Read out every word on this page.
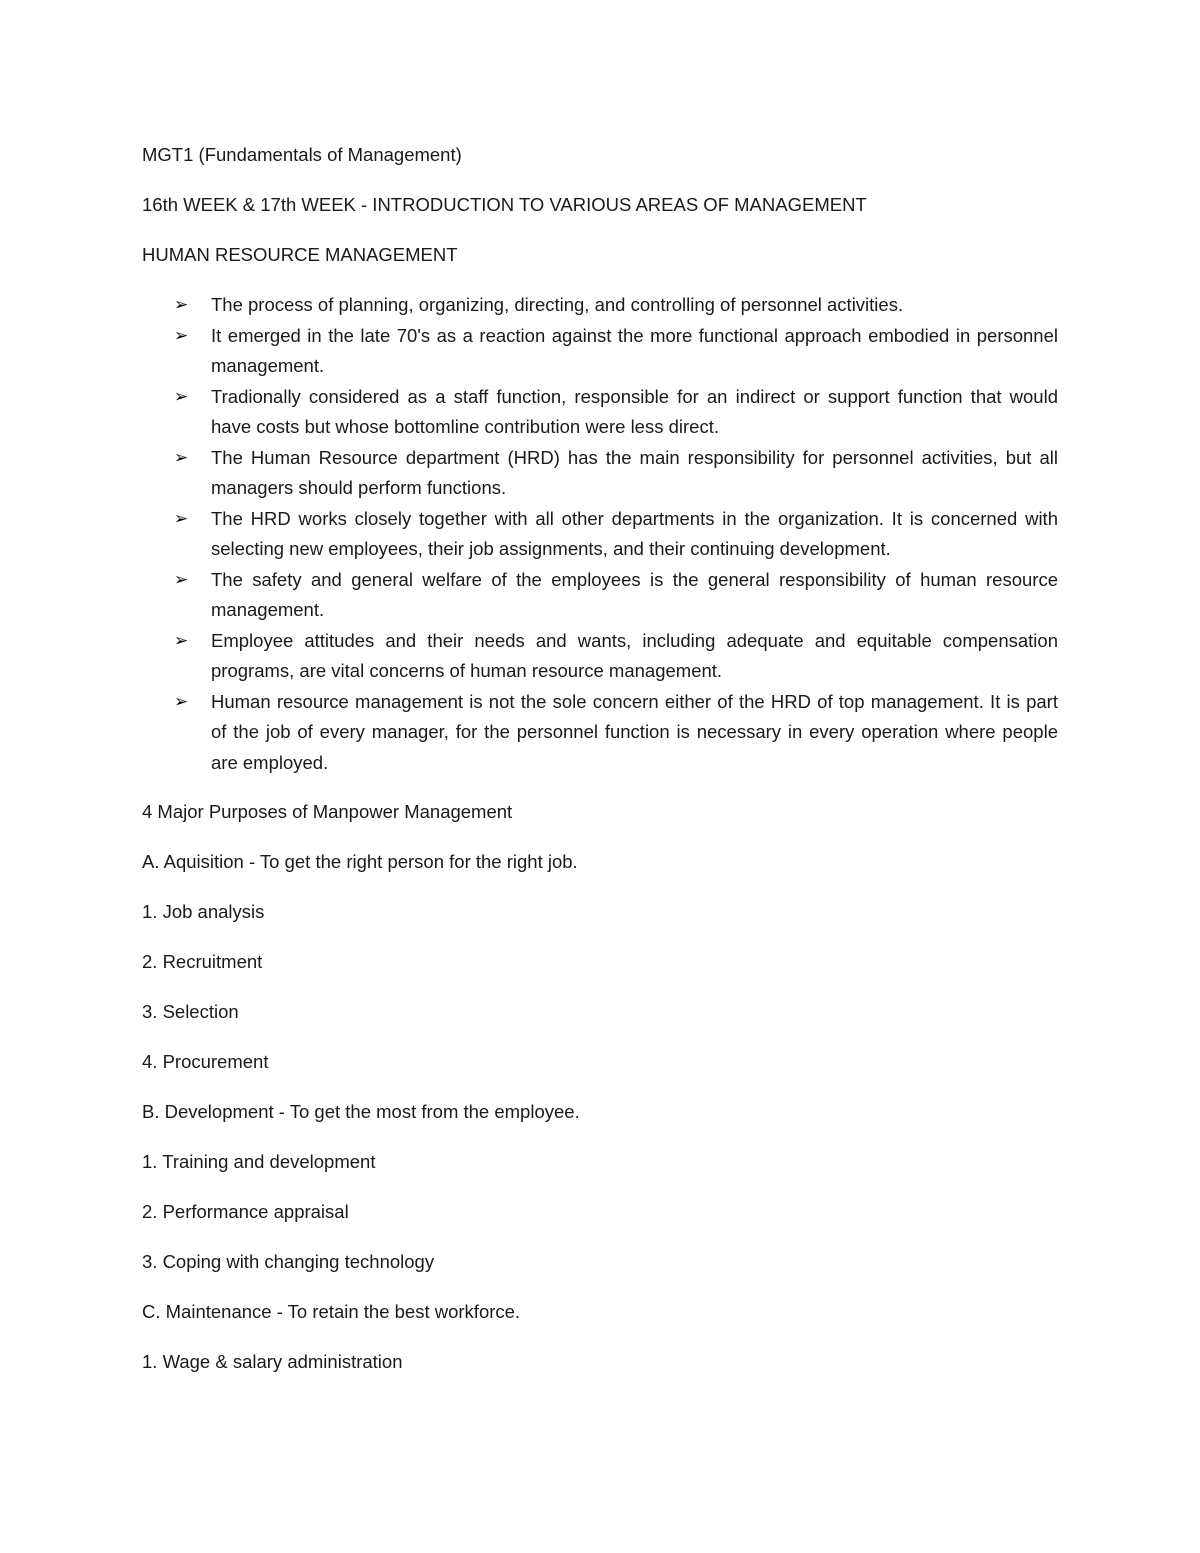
MGT1 (Fundamentals of Management)

16th WEEK & 17th WEEK - INTRODUCTION TO VARIOUS AREAS OF MANAGEMENT

HUMAN RESOURCE MANAGEMENT

➢ The process of planning, organizing, directing, and controlling of personnel activities.
➢ It emerged in the late 70's as a reaction against the more functional approach embodied in personnel management.
➢ Tradionally considered as a staff function, responsible for an indirect or support function that would have costs but whose bottomline contribution were less direct.
➢ The Human Resource department (HRD) has the main responsibility for personnel activities, but all managers should perform functions.
➢ The HRD works closely together with all other departments in the organization. It is concerned with selecting new employees, their job assignments, and their continuing development.
➢ The safety and general welfare of the employees is the general responsibility of human resource management.
➢ Employee attitudes and their needs and wants, including adequate and equitable compensation programs, are vital concerns of human resource management.
➢ Human resource management is not the sole concern either of the HRD of top management. It is part of the job of every manager, for the personnel function is necessary in every operation where people are employed.

4 Major Purposes of Manpower Management

A. Aquisition - To get the right person for the right job.

1. Job analysis

2. Recruitment

3. Selection

4. Procurement

B. Development - To get the most from the employee.

1. Training and development

2. Performance appraisal

3. Coping with changing technology

C. Maintenance - To retain the best workforce.

1. Wage & salary administration
